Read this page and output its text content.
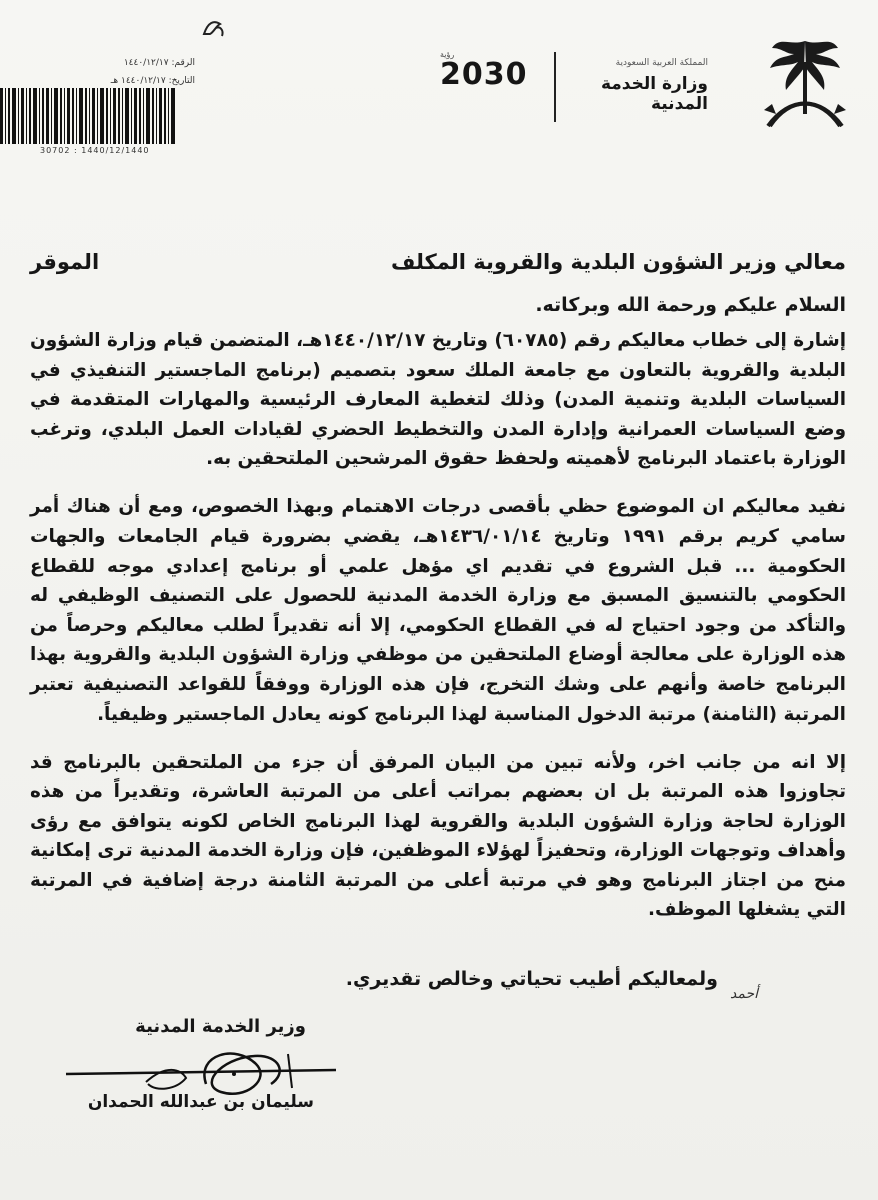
المملكة العربية السعودية
وزارة الخدمة المدنية
رؤية
2030
الرقم: ١٤٤٠/١٢/١٧
التاريخ: ١٤٤٠/١٢/١٧ هـ
30702 : 1440/12/1440
معالي وزير الشؤون البلدية والقروية المكلف
الموقر
السلام عليكم ورحمة الله وبركاته.

إشارة إلى خطاب معاليكم رقم (٦٠٧٨٥) وتاريخ ١٤٤٠/١٢/١٧هـ، المتضمن قيام وزارة الشؤون البلدية والقروية بالتعاون مع جامعة الملك سعود بتصميم (برنامج الماجستير التنفيذي في السياسات البلدية وتنمية المدن) وذلك لتغطية المعارف الرئيسية والمهارات المتقدمة في وضع السياسات العمرانية وإدارة المدن والتخطيط الحضري لقيادات العمل البلدي، وترغب الوزارة باعتماد البرنامج لأهميته ولحفظ حقوق المرشحين الملتحقين به.

نفيد معاليكم ان الموضوع حظي بأقصى درجات الاهتمام وبهذا الخصوص، ومع أن هناك أمر سامي كريم برقم ١٩٩١ وتاريخ ١٤٣٦/٠١/١٤هـ، يقضي بضرورة قيام الجامعات والجهات الحكومية ... قبل الشروع في تقديم اي مؤهل علمي أو برنامج إعدادي موجه للقطاع الحكومي بالتنسيق المسبق مع وزارة الخدمة المدنية للحصول على التصنيف الوظيفي له والتأكد من وجود احتياج له في القطاع الحكومي، إلا أنه تقديراً لطلب معاليكم وحرصاً من هذه الوزارة على معالجة أوضاع الملتحقين من موظفي وزارة الشؤون البلدية والقروية بهذا البرنامج خاصة وأنهم على وشك التخرج، فإن هذه الوزارة ووفقاً للقواعد التصنيفية تعتبر المرتبة (الثامنة) مرتبة الدخول المناسبة لهذا البرنامج كونه يعادل الماجستير وظيفياً.

إلا انه من جانب اخر، ولأنه تبين من البيان المرفق أن جزء من الملتحقين بالبرنامج قد تجاوزوا هذه المرتبة بل ان بعضهم بمراتب أعلى من المرتبة العاشرة، وتقديراً من هذه الوزارة لحاجة وزارة الشؤون البلدية والقروية لهذا البرنامج الخاص لكونه يتوافق مع رؤى وأهداف وتوجهات الوزارة، وتحفيزاً لهؤلاء الموظفين، فإن وزارة الخدمة المدنية ترى إمكانية منح من اجتاز البرنامج وهو في مرتبة أعلى من المرتبة الثامنة درجة إضافية في المرتبة التي يشغلها الموظف.

ولمعاليكم أطيب تحياتي وخالص تقديري.
أحمد
وزير الخدمة المدنية
سليمان بن عبدالله الحمدان
